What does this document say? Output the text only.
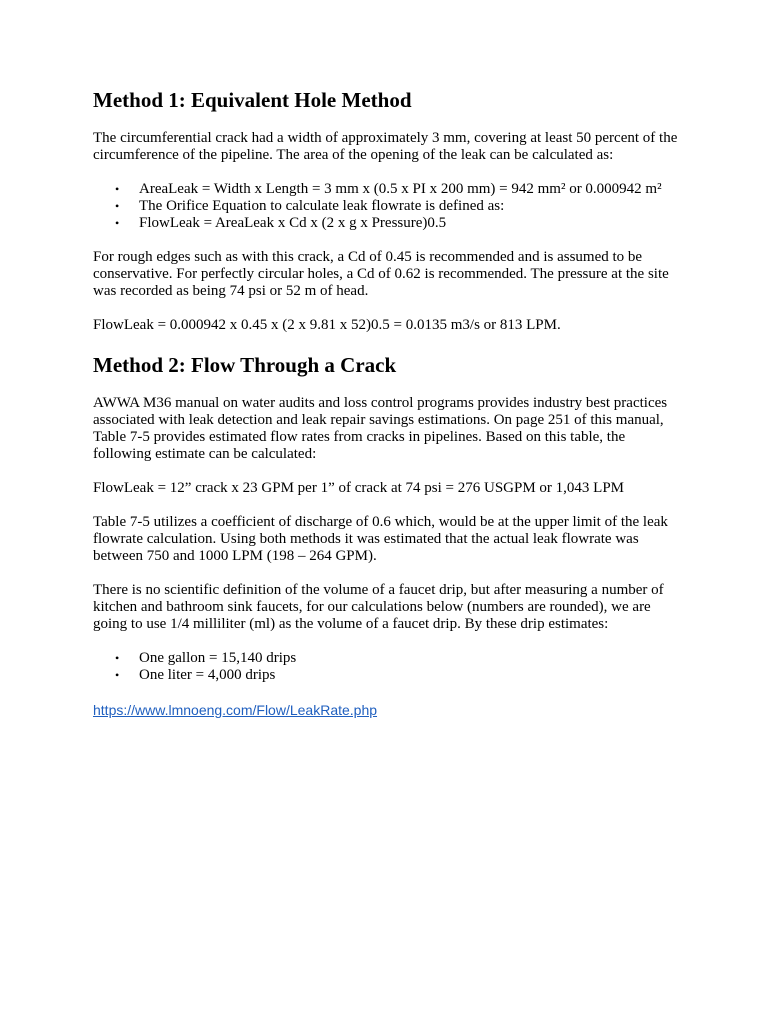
Method 1: Equivalent Hole Method

The circumferential crack had a width of approximately 3 mm, covering at least 50 percent of the circumference of the pipeline. The area of the opening of the leak can be calculated as:

• AreaLeak = Width x Length = 3 mm x (0.5 x PI x 200 mm) = 942 mm² or 0.000942 m²
• The Orifice Equation to calculate leak flowrate is defined as:
• FlowLeak = AreaLeak x Cd x (2 x g x Pressure)0.5

For rough edges such as with this crack, a Cd of 0.45 is recommended and is assumed to be conservative. For perfectly circular holes, a Cd of 0.62 is recommended. The pressure at the site was recorded as being 74 psi or 52 m of head.

FlowLeak = 0.000942 x 0.45 x (2 x 9.81 x 52)0.5 = 0.0135 m3/s or 813 LPM.

Method 2: Flow Through a Crack

AWWA M36 manual on water audits and loss control programs provides industry best practices associated with leak detection and leak repair savings estimations. On page 251 of this manual, Table 7-5 provides estimated flow rates from cracks in pipelines. Based on this table, the following estimate can be calculated:

FlowLeak = 12” crack x 23 GPM per 1” of crack at 74 psi = 276 USGPM or 1,043 LPM

Table 7-5 utilizes a coefficient of discharge of 0.6 which, would be at the upper limit of the leak flowrate calculation. Using both methods it was estimated that the actual leak flowrate was between 750 and 1000 LPM (198 – 264 GPM).

There is no scientific definition of the volume of a faucet drip, but after measuring a number of kitchen and bathroom sink faucets, for our calculations below (numbers are rounded), we are going to use 1/4 milliliter (ml) as the volume of a faucet drip. By these drip estimates:

• One gallon = 15,140 drips
• One liter = 4,000 drips
https://www.lmnoeng.com/Flow/LeakRate.php
